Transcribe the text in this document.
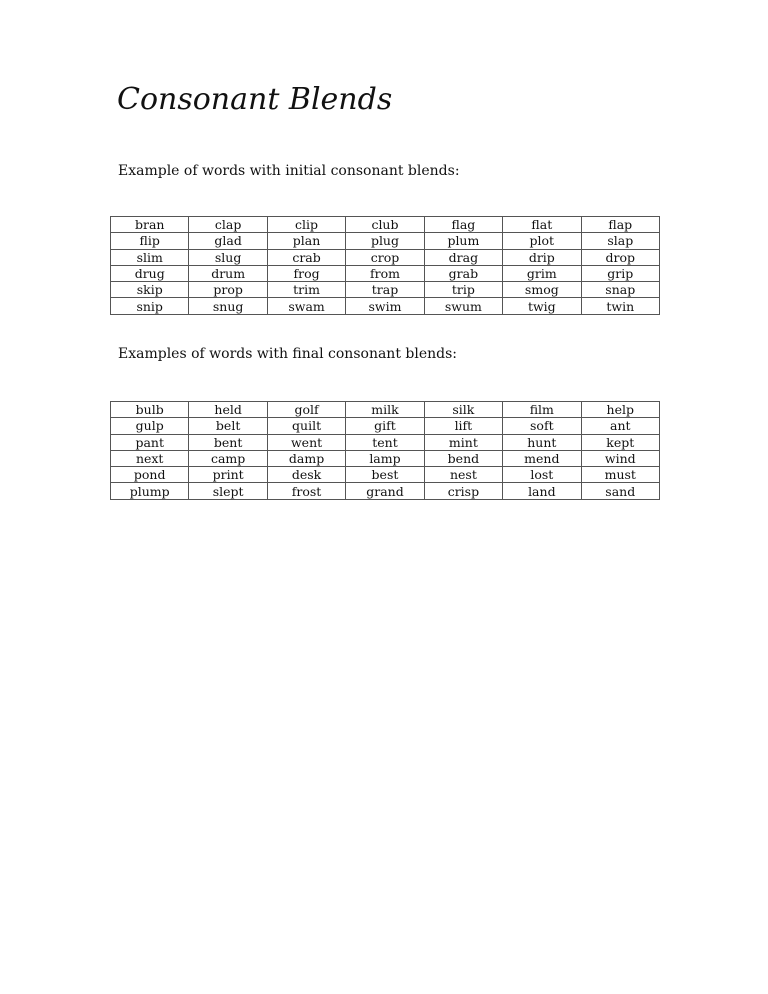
Consonant Blends

Example of words with initial consonant blends:

bran	clap	clip	club	flag	flat	flap
flip	glad	plan	plug	plum	plot	slap
slim	slug	crab	crop	drag	drip	drop
drug	drum	frog	from	grab	grim	grip
skip	prop	trim	trap	trip	smog	snap
snip	snug	swam	swim	swum	twig	twin

Examples of words with final consonant blends:

bulb	held	golf	milk	silk	film	help
gulp	belt	quilt	gift	lift	soft	ant
pant	bent	went	tent	mint	hunt	kept
next	camp	damp	lamp	bend	mend	wind
pond	print	desk	best	nest	lost	must
plump	slept	frost	grand	crisp	land	sand
